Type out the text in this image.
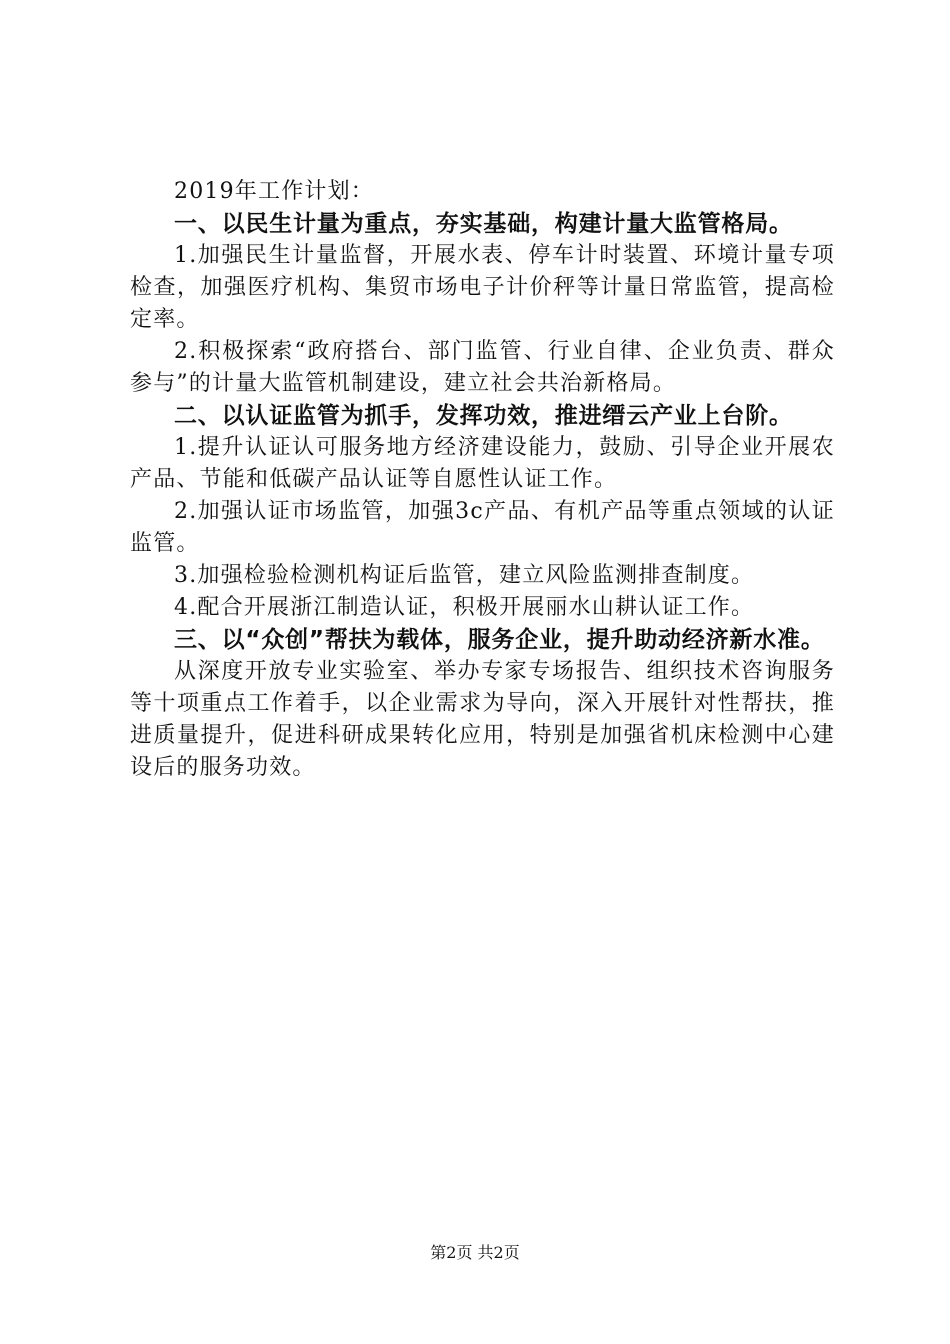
2019年工作计划：

一、以民生计量为重点，夯实基础，构建计量大监管格局。

1.加强民生计量监督，开展水表、停车计时装置、环境计量专项检查，加强医疗机构、集贸市场电子计价秤等计量日常监管，提高检定率。

2.积极探索“政府搭台、部门监管、行业自律、企业负责、群众参与”的计量大监管机制建设，建立社会共治新格局。

二、以认证监管为抓手，发挥功效，推进缙云产业上台阶。

1.提升认证认可服务地方经济建设能力，鼓励、引导企业开展农产品、节能和低碳产品认证等自愿性认证工作。

2.加强认证市场监管，加强3c产品、有机产品等重点领域的认证监管。

3.加强检验检测机构证后监管，建立风险监测排查制度。

4.配合开展浙江制造认证，积极开展丽水山耕认证工作。

三、以“众创”帮扶为载体，服务企业，提升助动经济新水准。

从深度开放专业实验室、举办专家专场报告、组织技术咨询服务等十项重点工作着手，以企业需求为导向，深入开展针对性帮扶，推进质量提升，促进科研成果转化应用，特别是加强省机床检测中心建设后的服务功效。

第2页 共2页
